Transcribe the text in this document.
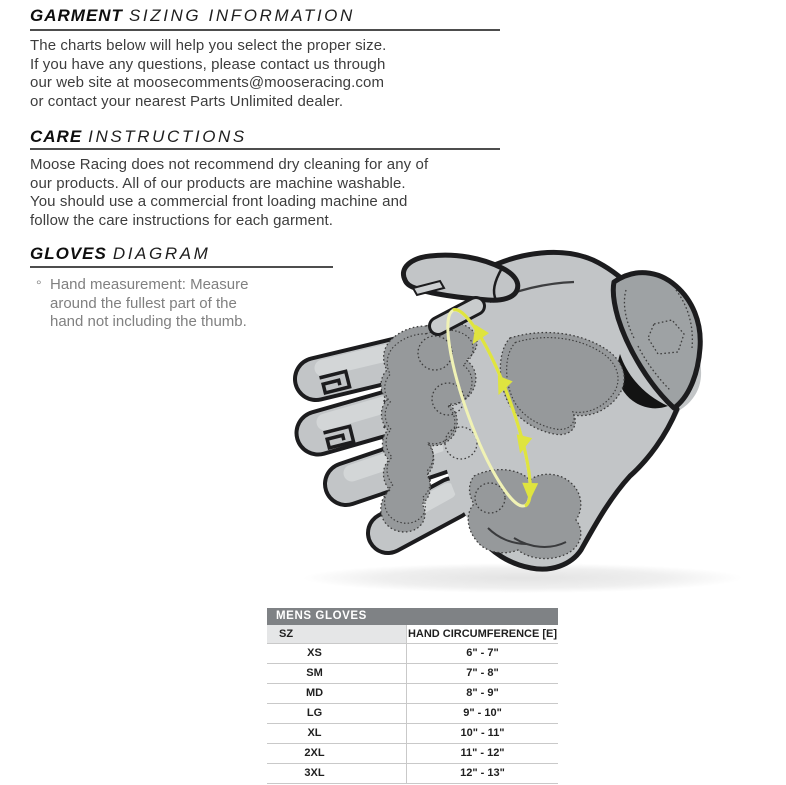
GARMENT SIZING INFORMATION
The charts below will help you select the proper size.
If you have any questions, please contact us through
our web site at moosecomments@mooseracing.com
or contact your nearest Parts Unlimited dealer.
CARE INSTRUCTIONS
Moose Racing does not recommend dry cleaning for any of
our products. All of our products are machine washable.
You should use a commercial front loading machine and
follow the care instructions for each garment.
GLOVES DIAGRAM
° Hand measurement: Measure
around the fullest part of the
hand not including the thumb.
MENS GLOVES
SZ	HAND CIRCUMFERENCE [E]
XS	6" - 7"
SM	7" - 8"
MD	8" - 9"
LG	9" - 10"
XL	10" - 11"
2XL	11" - 12"
3XL	12" - 13"
